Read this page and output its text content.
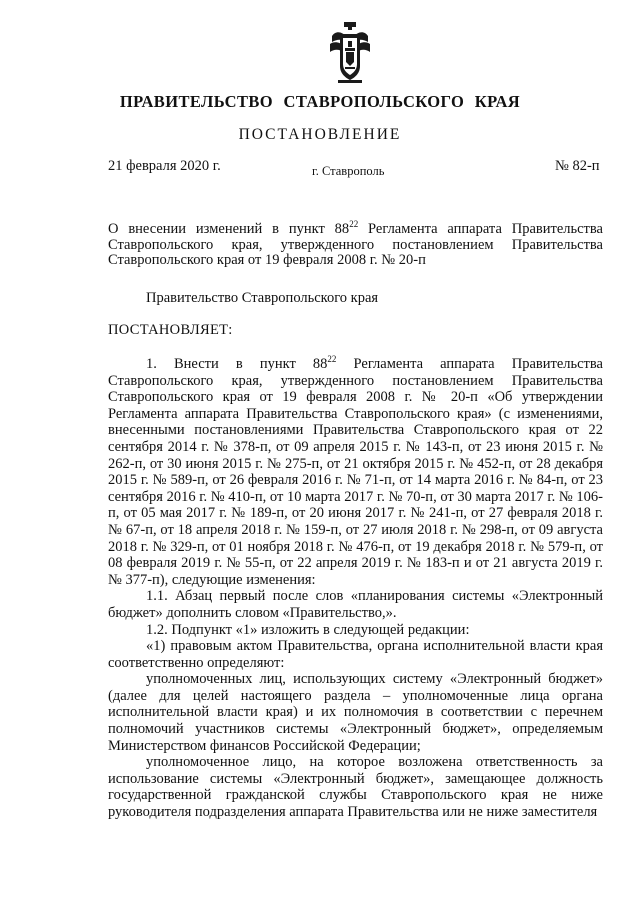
ПРАВИТЕЛЬСТВО СТАВРОПОЛЬСКОГО КРАЯ
ПОСТАНОВЛЕНИЕ
21 февраля 2020 г.	г. Ставрополь	№ 82-п
О внесении изменений в пункт $88^{22}$ Регламента аппарата Правительства Ставропольского края, утвержденного постановлением Правительства Ставропольского края от 19 февраля 2008 г. № 20-п
Правительство Ставропольского края
ПОСТАНОВЛЯЕТ:

1. Внести в пункт $88^{22}$ Регламента аппарата Правительства Ставропольского края, утвержденного постановлением Правительства Ставропольского края от 19 февраля 2008 г. № 20-п «Об утверждении Регламента аппарата Правительства Ставропольского края» (с изменениями, внесенными постановлениями Правительства Ставропольского края от 22 сентября 2014 г. № 378-п, от 09 апреля 2015 г. № 143-п, от 23 июня 2015 г. № 262-п, от 30 июня 2015 г. № 275-п, от 21 октября 2015 г. № 452-п, от 28 декабря 2015 г. № 589-п, от 26 февраля 2016 г. № 71-п, от 14 марта 2016 г. № 84-п, от 23 сентября 2016 г. № 410-п, от 10 марта 2017 г. № 70-п, от 30 марта 2017 г. № 106-п, от 05 мая 2017 г. № 189-п, от 20 июня 2017 г. № 241-п, от 27 февраля 2018 г. № 67-п, от 18 апреля 2018 г. № 159-п, от 27 июля 2018 г. № 298-п, от 09 августа 2018 г. № 329-п, от 01 ноября 2018 г. № 476-п, от 19 декабря 2018 г. № 579-п, от 08 февраля 2019 г. № 55-п, от 22 апреля 2019 г. № 183-п и от 21 августа 2019 г. № 377-п), следующие изменения:

1.1. Абзац первый после слов «планирования системы «Электронный бюджет» дополнить словом «Правительство,».

1.2. Подпункт «1» изложить в следующей редакции:

«1) правовым актом Правительства, органа исполнительной власти края соответственно определяют:

уполномоченных лиц, использующих систему «Электронный бюджет» (далее для целей настоящего раздела – уполномоченные лица органа исполнительной власти края) и их полномочия в соответствии с перечнем полномочий участников системы «Электронный бюджет», определяемым Министерством финансов Российской Федерации;

уполномоченное лицо, на которое возложена ответственность за использование системы «Электронный бюджет», замещающее должность государственной гражданской службы Ставропольского края не ниже руководителя подразделения аппарата Правительства или не ниже заместителя
